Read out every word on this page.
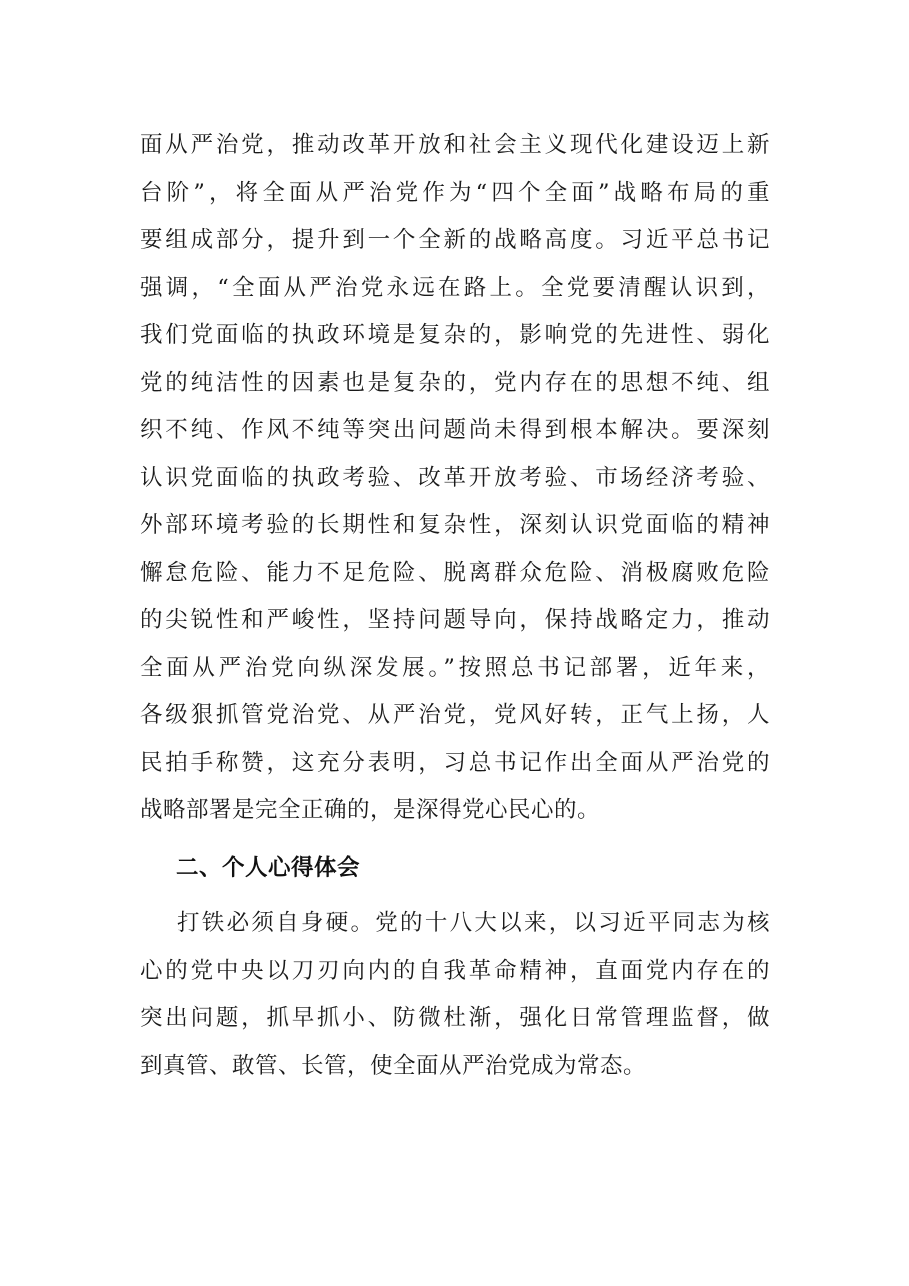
面从严治党，推动改革开放和社会主义现代化建设迈上新
台阶”，将全面从严治党作为“四个全面”战略布局的重
要组成部分，提升到一个全新的战略高度。习近平总书记
强调，“全面从严治党永远在路上。全党要清醒认识到，
我们党面临的执政环境是复杂的，影响党的先进性、弱化
党的纯洁性的因素也是复杂的，党内存在的思想不纯、组
织不纯、作风不纯等突出问题尚未得到根本解决。要深刻
认识党面临的执政考验、改革开放考验、市场经济考验、
外部环境考验的长期性和复杂性，深刻认识党面临的精神
懈怠危险、能力不足危险、脱离群众危险、消极腐败危险
的尖锐性和严峻性，坚持问题导向，保持战略定力，推动
全面从严治党向纵深发展。”按照总书记部署，近年来，
各级狠抓管党治党、从严治党，党风好转，正气上扬，人
民拍手称赞，这充分表明，习总书记作出全面从严治党的
战略部署是完全正确的，是深得党心民心的。
二、个人心得体会
打铁必须自身硬。党的十八大以来，以习近平同志为核
心的党中央以刀刃向内的自我革命精神，直面党内存在的
突出问题，抓早抓小、防微杜渐，强化日常管理监督，做
到真管、敢管、长管，使全面从严治党成为常态。
